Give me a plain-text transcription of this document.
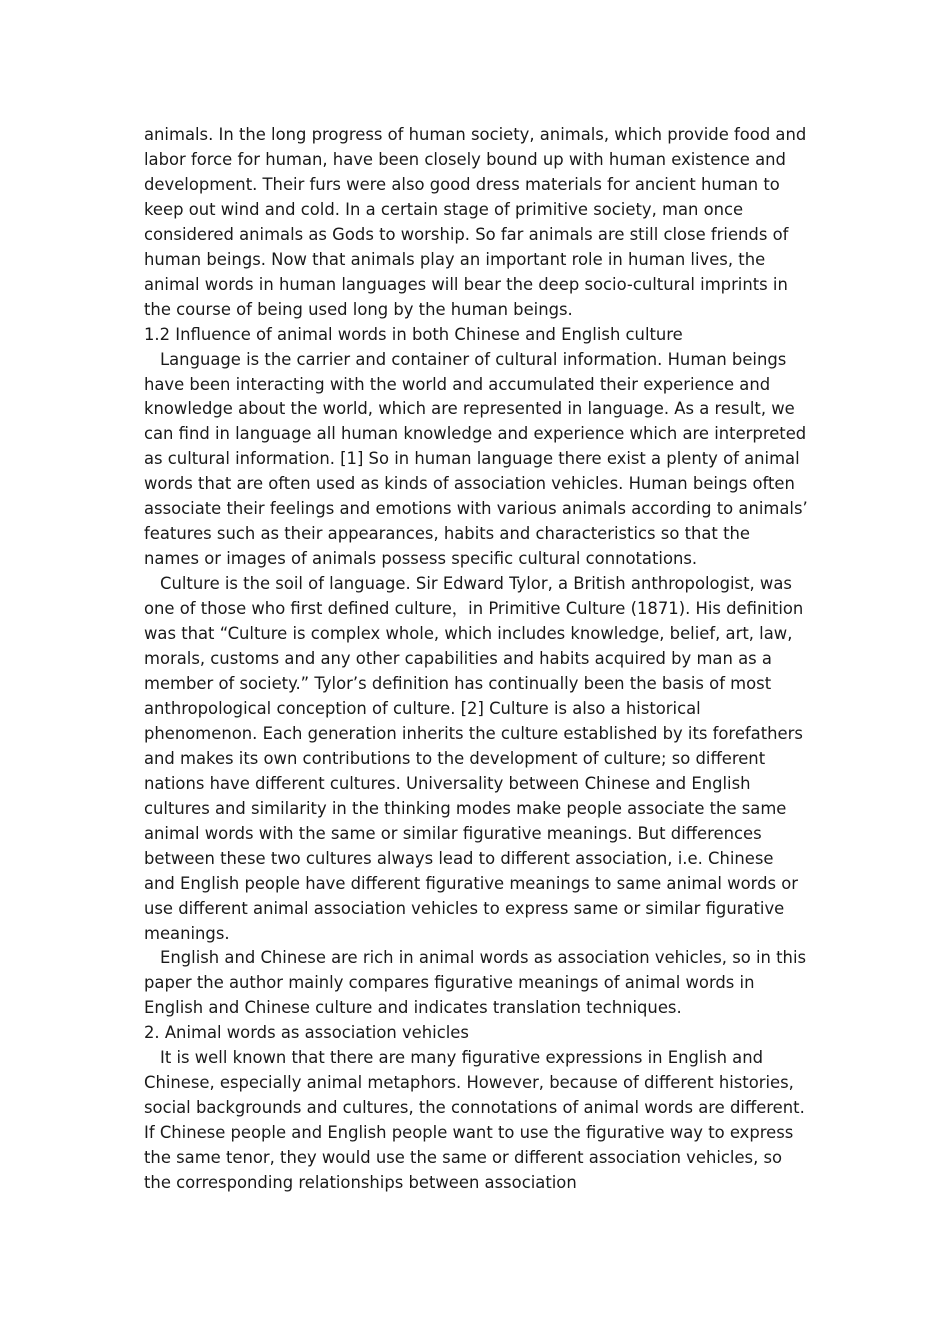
animals. In the long progress of human society, animals, which provide food and labor force for human, have been closely bound up with human existence and development. Their furs were also good dress materials for ancient human to keep out wind and cold. In a certain stage of primitive society, man once considered animals as Gods to worship. So far animals are still close friends of human beings. Now that animals play an important role in human lives, the animal words in human languages will bear the deep socio-cultural imprints in the course of being used long by the human beings.

1.2 Influence of animal words in both Chinese and English culture

Language is the carrier and container of cultural information. Human beings have been interacting with the world and accumulated their experience and knowledge about the world, which are represented in language. As a result, we can find in language all human knowledge and experience which are interpreted as cultural information. [1] So in human language there exist a plenty of animal words that are often used as kinds of association vehicles. Human beings often associate their feelings and emotions with various animals according to animals’ features such as their appearances, habits and characteristics so that the names or images of animals possess specific cultural connotations.

Culture is the soil of language. Sir Edward Tylor, a British anthropologist, was one of those who first defined culture，in Primitive Culture (1871). His definition was that “Culture is complex whole, which includes knowledge, belief, art, law, morals, customs and any other capabilities and habits acquired by man as a member of society.” Tylor’s definition has continually been the basis of most anthropological conception of culture. [2] Culture is also a historical phenomenon. Each generation inherits the culture established by its forefathers and makes its own contributions to the development of culture; so different nations have different cultures. Universality between Chinese and English cultures and similarity in the thinking modes make people associate the same animal words with the same or similar figurative meanings. But differences between these two cultures always lead to different association, i.e. Chinese and English people have different figurative meanings to same animal words or use different animal association vehicles to express same or similar figurative meanings.

English and Chinese are rich in animal words as association vehicles, so in this paper the author mainly compares figurative meanings of animal words in English and Chinese culture and indicates translation techniques.

2. Animal words as association vehicles

It is well known that there are many figurative expressions in English and Chinese, especially animal metaphors. However, because of different histories, social backgrounds and cultures, the connotations of animal words are different. If Chinese people and English people want to use the figurative way to express the same tenor, they would use the same or different association vehicles, so the corresponding relationships between association
